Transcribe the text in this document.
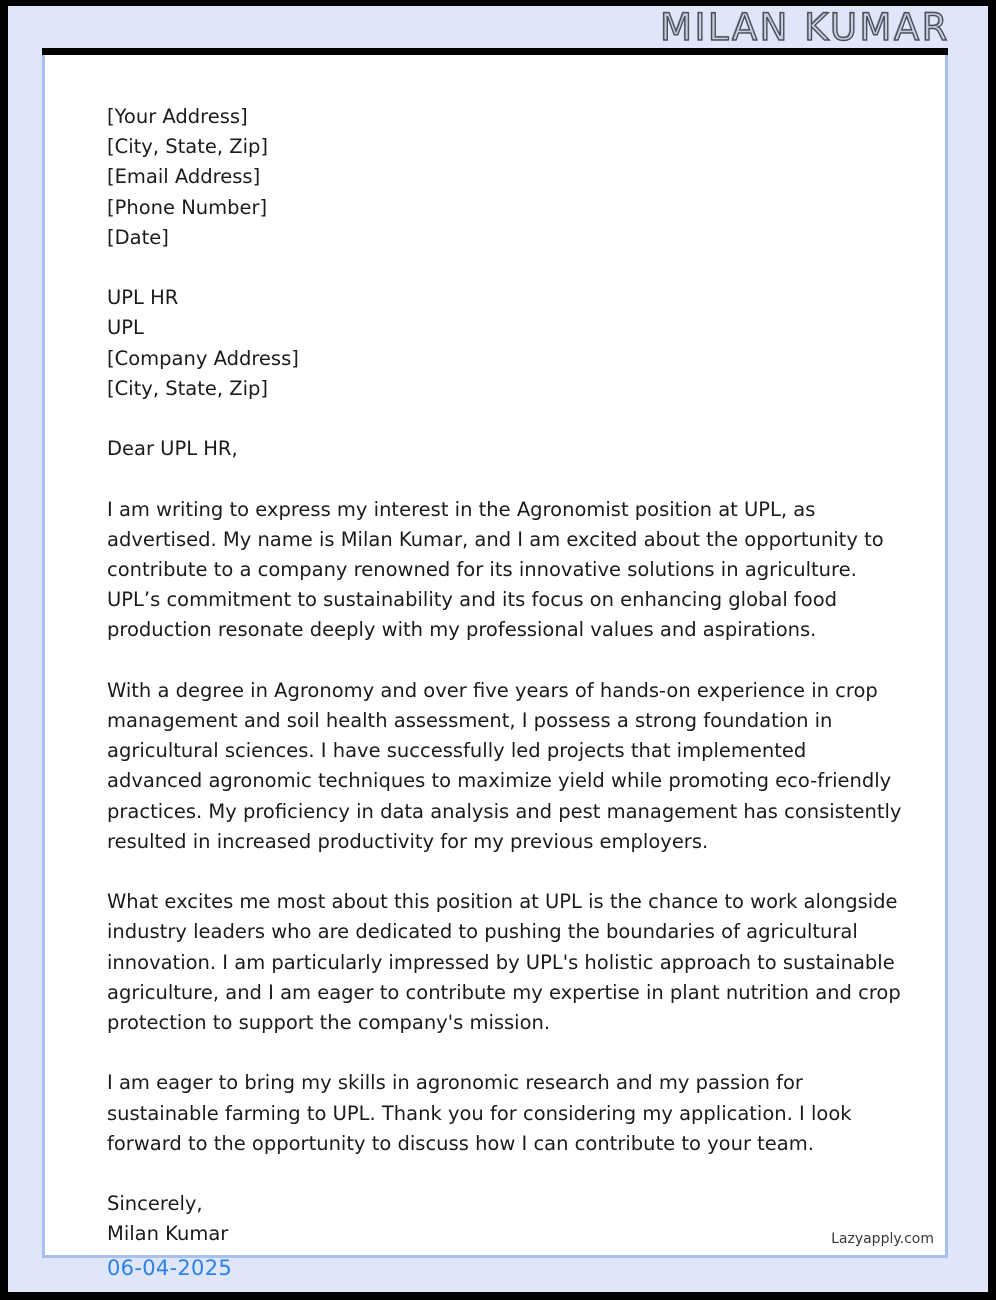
MILAN KUMAR
[Your Address]
[City, State, Zip]
[Email Address]
[Phone Number]
[Date]
UPL HR
UPL
[Company Address]
[City, State, Zip]
Dear UPL HR,
I am writing to express my interest in the Agronomist position at UPL, as advertised. My name is Milan Kumar, and I am excited about the opportunity to contribute to a company renowned for its innovative solutions in agriculture. UPL’s commitment to sustainability and its focus on enhancing global food production resonate deeply with my professional values and aspirations.
With a degree in Agronomy and over five years of hands-on experience in crop management and soil health assessment, I possess a strong foundation in agricultural sciences. I have successfully led projects that implemented advanced agronomic techniques to maximize yield while promoting eco-friendly practices. My proficiency in data analysis and pest management has consistently resulted in increased productivity for my previous employers.
What excites me most about this position at UPL is the chance to work alongside industry leaders who are dedicated to pushing the boundaries of agricultural innovation. I am particularly impressed by UPL's holistic approach to sustainable agriculture, and I am eager to contribute my expertise in plant nutrition and crop protection to support the company's mission.
I am eager to bring my skills in agronomic research and my passion for sustainable farming to UPL. Thank you for considering my application. I look forward to the opportunity to discuss how I can contribute to your team.
Sincerely,
Milan Kumar	Lazyapply.com
06-04-2025
